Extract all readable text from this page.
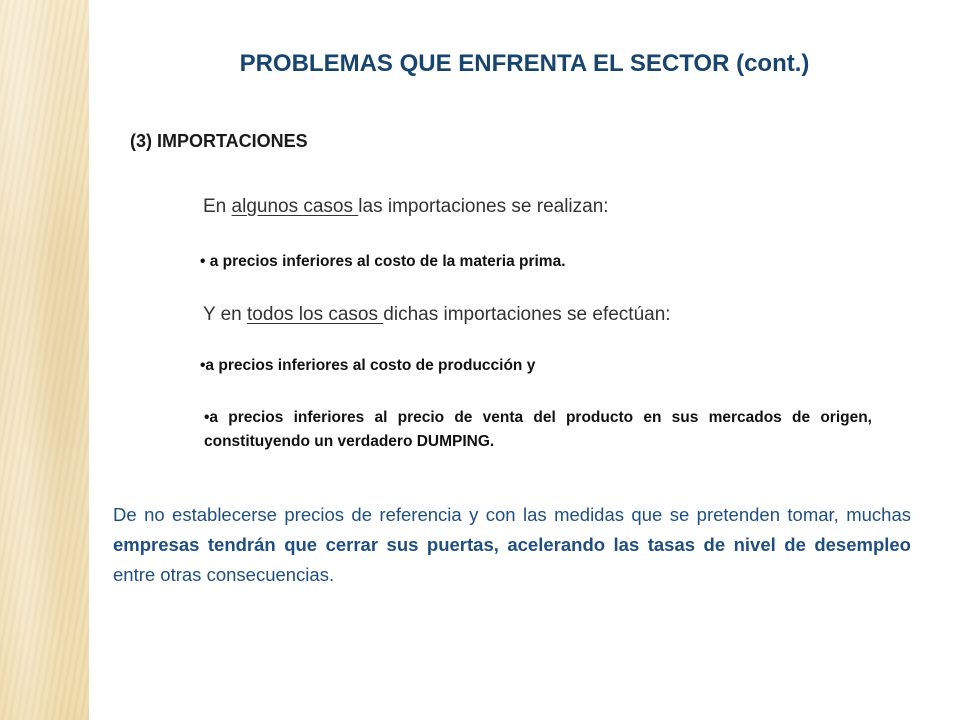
PROBLEMAS QUE ENFRENTA EL SECTOR (cont.)
(3) IMPORTACIONES

En algunos casos las importaciones se realizan:

• a precios inferiores al costo de la materia prima.

Y en todos los casos dichas importaciones se efectúan:

•a precios inferiores al costo de producción y

•a precios inferiores al precio de venta del producto en sus mercados de origen, constituyendo un verdadero DUMPING.

De no establecerse precios de referencia y con las medidas que se pretenden tomar, muchas empresas tendrán que cerrar sus puertas, acelerando las tasas de nivel de desempleo entre otras consecuencias.
